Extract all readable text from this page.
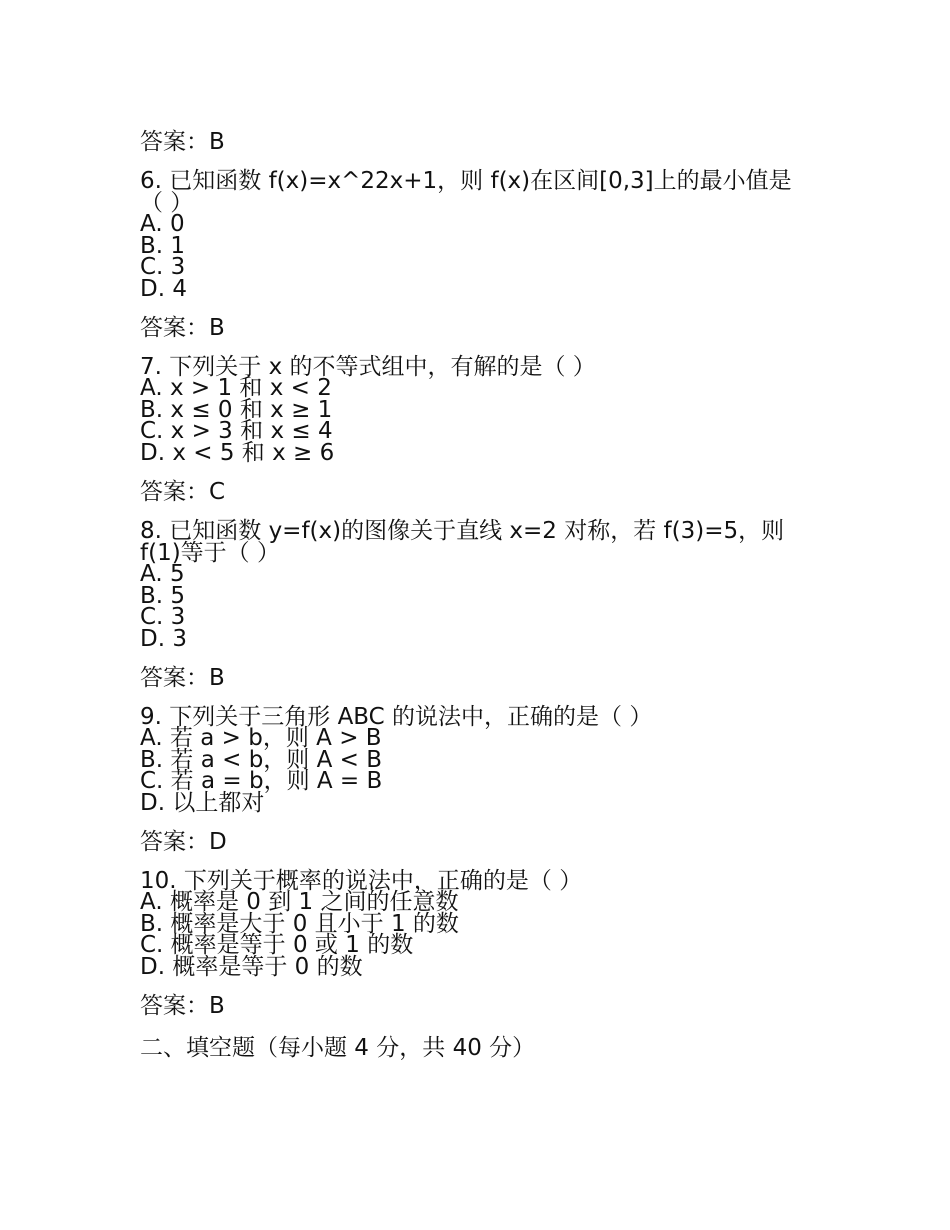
答案：B
6. 已知函数 f(x)=x^22x+1，则 f(x)在区间[0,3]上的最小值是（ ）
A. 0
B. 1
C. 3
D. 4
答案：B
7. 下列关于 x 的不等式组中，有解的是（ ）
A. x > 1 和 x < 2
B. x ≤ 0 和 x ≥ 1
C. x > 3 和 x ≤ 4
D. x < 5 和 x ≥ 6
答案：C
8. 已知函数 y=f(x)的图像关于直线 x=2 对称，若 f(3)=5，则 f(1)等于（ ）
A. 5
B. 5
C. 3
D. 3
答案：B
9. 下列关于三角形 ABC 的说法中，正确的是（ ）
A. 若 a > b，则 A > B
B. 若 a < b，则 A < B
C. 若 a = b，则 A = B
D. 以上都对
答案：D
10. 下列关于概率的说法中，正确的是（ ）
A. 概率是 0 到 1 之间的任意数
B. 概率是大于 0 且小于 1 的数
C. 概率是等于 0 或 1 的数
D. 概率是等于 0 的数
答案：B
二、填空题（每小题 4 分，共 40 分）
